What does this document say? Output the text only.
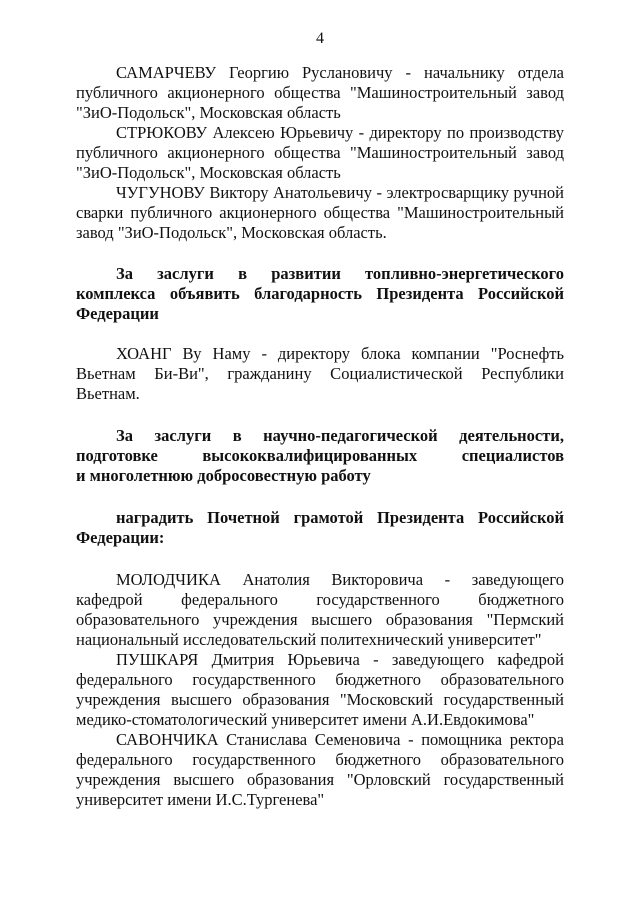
4

САМАРЧЕВУ Георгию Руслановичу - начальнику отдела публичного акционерного общества "Машиностроительный завод "ЗиО-Подольск", Московская область

СТРЮКОВУ Алексею Юрьевичу - директору по производству публичного акционерного общества "Машиностроительный завод "ЗиО-Подольск", Московская область

ЧУГУНОВУ Виктору Анатольевичу - электросварщику ручной сварки публичного акционерного общества "Машиностроительный завод "ЗиО-Подольск", Московская область.

За заслуги в развитии топливно-энергетического комплекса объявить благодарность Президента Российской Федерации

ХОАНГ Ву Наму - директору блока компании "Роснефть Вьетнам Би-Ви", гражданину Социалистической Республики Вьетнам.

За заслуги в научно-педагогической деятельности,

подготовке высококвалифицированных специалистов

и многолетнюю добросовестную работу

наградить Почетной грамотой Президента Российской

Федерации:

МОЛОДЧИКА Анатолия Викторовича - заведующего кафедрой федерального государственного бюджетного образовательного учреждения высшего образования "Пермский национальный исследовательский политехнический университет"

ПУШКАРЯ Дмитрия Юрьевича - заведующего кафедрой федерального государственного бюджетного образовательного учреждения высшего образования "Московский государственный медико-стоматологический университет имени А.И.Евдокимова"

САВОНЧИКА Станислава Семеновича - помощника ректора федерального государственного бюджетного образовательного учреждения высшего образования "Орловский государственный университет имени И.С.Тургенева"
